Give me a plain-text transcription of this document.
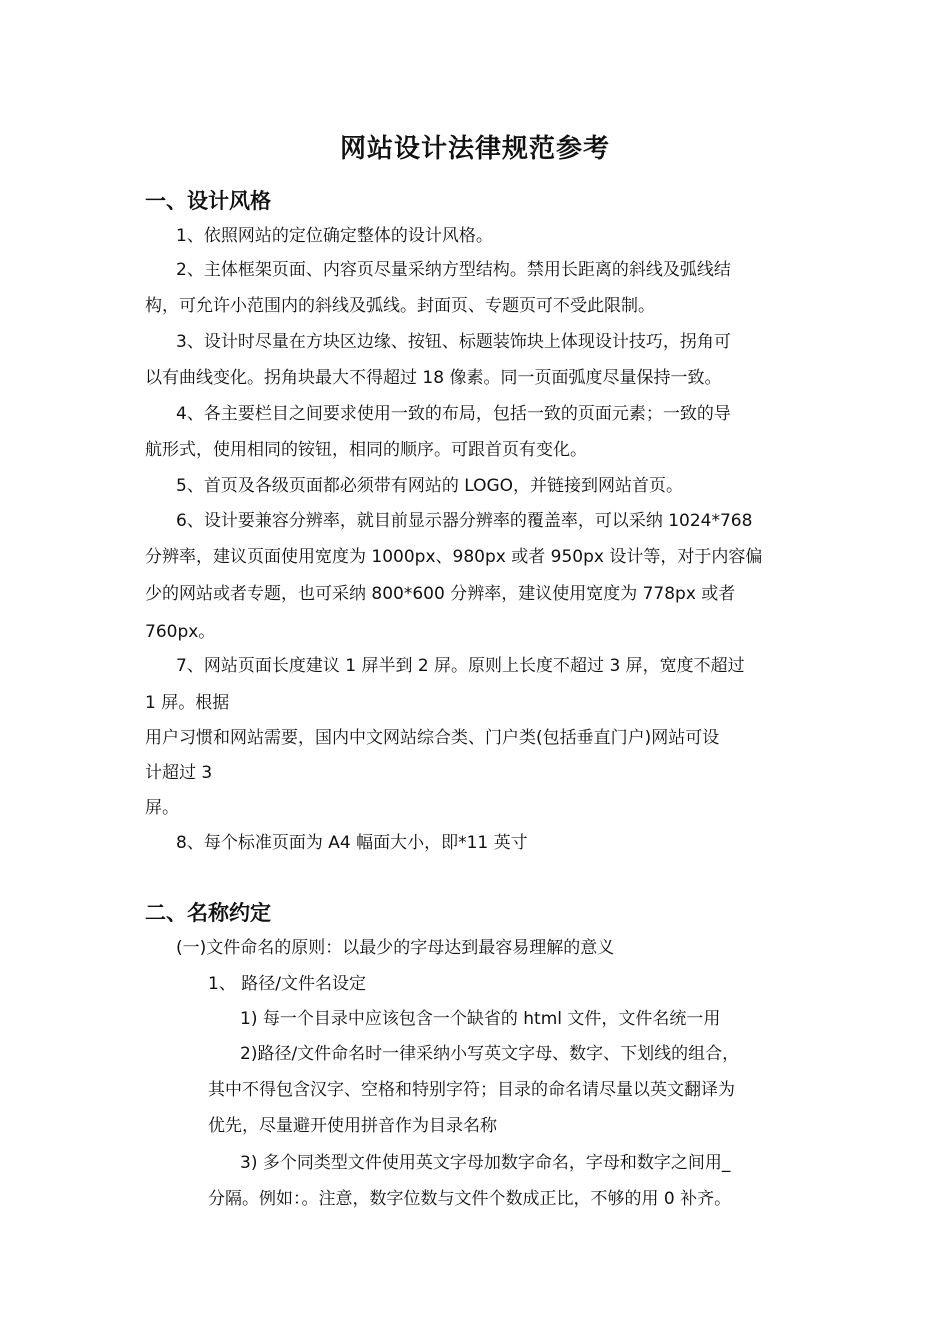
网站设计法律规范参考
一、设计风格
1、依照网站的定位确定整体的设计风格。
2、主体框架页面、内容页尽量采纳方型结构。禁用长距离的斜线及弧线结
构，可允许小范围内的斜线及弧线。封面页、专题页可不受此限制。
3、设计时尽量在方块区边缘、按钮、标题装饰块上体现设计技巧，拐角可
以有曲线变化。拐角块最大不得超过 18 像素。同一页面弧度尽量保持一致。
4、各主要栏目之间要求使用一致的布局，包括一致的页面元素；一致的导
航形式，使用相同的铵钮，相同的顺序。可跟首页有变化。
5、首页及各级页面都必须带有网站的 LOGO，并链接到网站首页。
6、设计要兼容分辨率，就目前显示器分辨率的覆盖率，可以采纳 1024*768
分辨率，建议页面使用宽度为 1000px、980px 或者 950px 设计等，对于内容偏
少的网站或者专题，也可采纳 800*600 分辨率，建议使用宽度为 778px 或者
760px。
7、网站页面长度建议 1 屏半到 2 屏。原则上长度不超过 3 屏，宽度不超过
1 屏。根据
用户习惯和网站需要，国内中文网站综合类、门户类(包括垂直门户)网站可设
计超过 3
屏。
8、每个标准页面为 A4 幅面大小，即*11 英寸
二、名称约定
(一)文件命名的原则：以最少的字母达到最容易理解的意义
1、 路径/文件名设定
1) 每一个目录中应该包含一个缺省的 html 文件，文件名统一用
2)路径/文件命名时一律采纳小写英文字母、数字、下划线的组合，
其中不得包含汉字、空格和特别字符；目录的命名请尽量以英文翻译为
优先，尽量避开使用拼音作为目录名称
3) 多个同类型文件使用英文字母加数字命名，字母和数字之间用_
分隔。例如：。注意，数字位数与文件个数成正比，不够的用 0 补齐。
